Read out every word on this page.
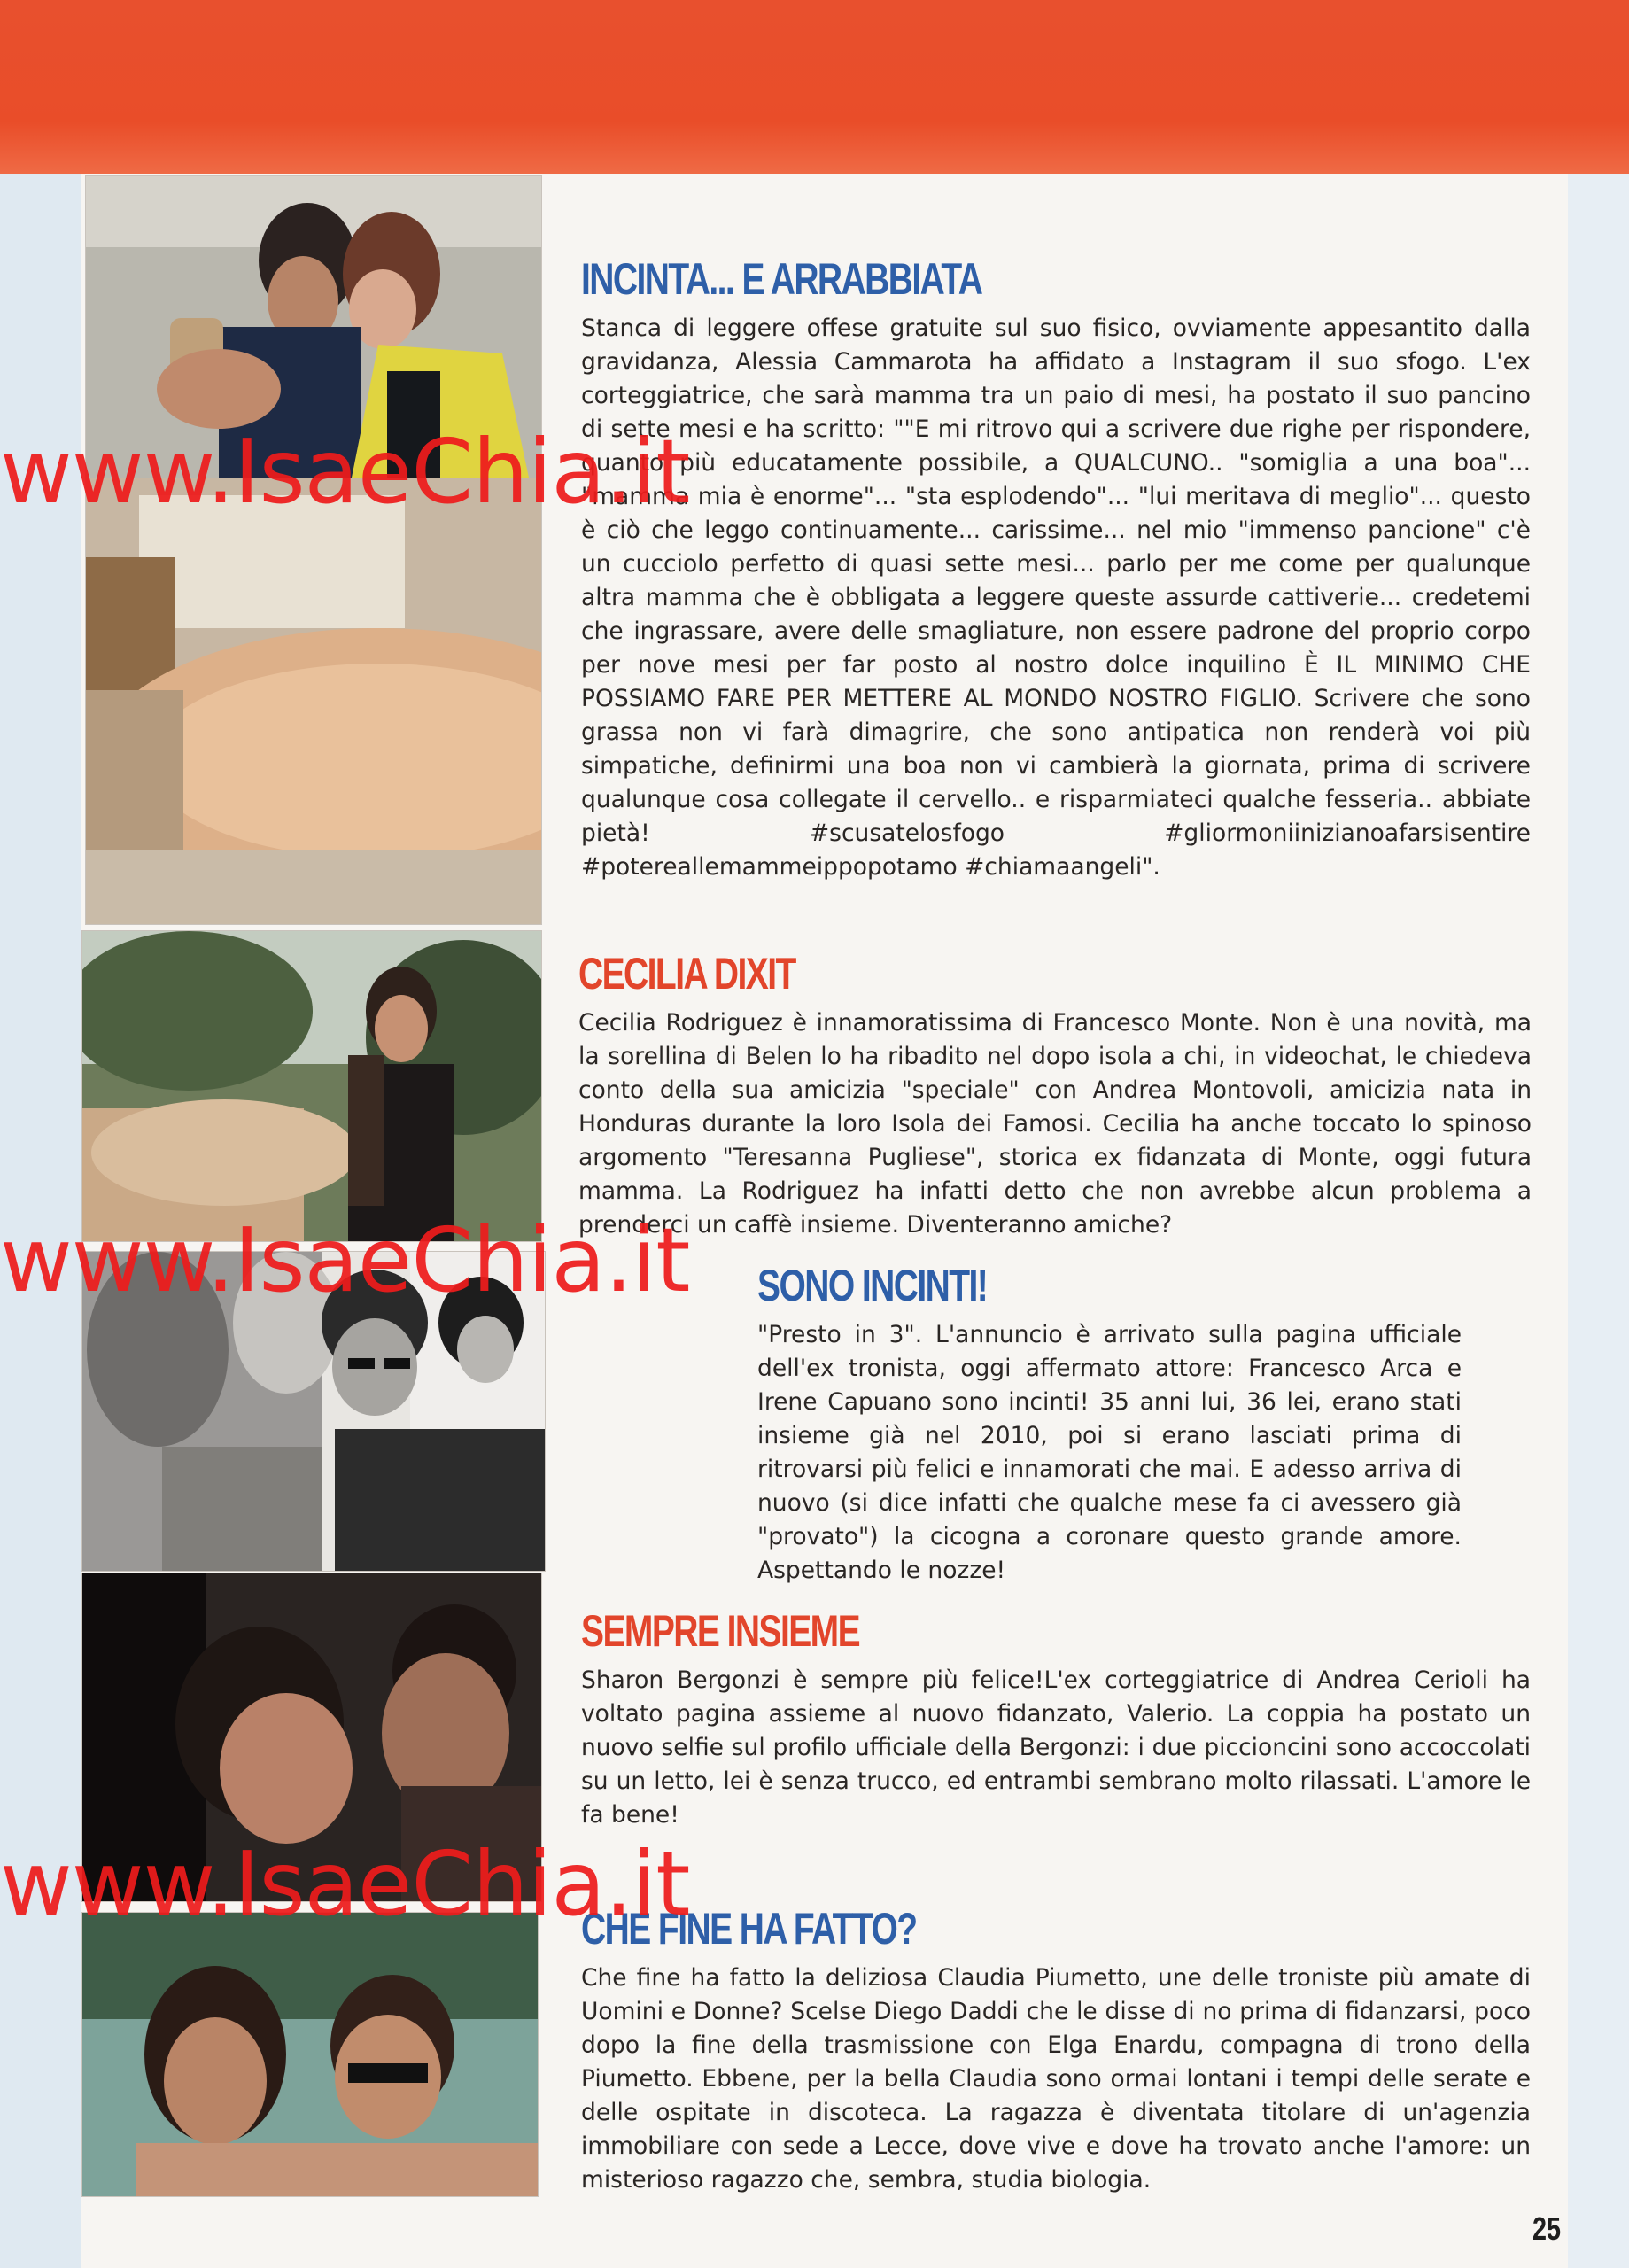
INCINTA... E ARRABBIATA

Stanca di leggere offese gratuite sul suo fisico, ovviamente appesantito dalla gravidanza, Alessia Cammarota ha affidato a Instagram il suo sfogo. L'ex corteggiatrice, che sarà mamma tra un paio di mesi, ha postato il suo pancino di sette mesi e ha scritto: ""E mi ritrovo qui a scrivere due righe per rispondere, quanto più educatamente possibile, a QUALCUNO.. "somiglia a una boa"... "mamma mia è enorme"... "sta esplodendo"... "lui meritava di meglio"... questo è ciò che leggo continuamente... carissime... nel mio "immenso pancione" c'è un cucciolo perfetto di quasi sette mesi... parlo per me come per qualunque altra mamma che è obbligata a leggere queste assurde cattiverie... credetemi che ingrassare, avere delle smagliature, non essere padrone del proprio corpo per nove mesi per far posto al nostro dolce inquilino È IL MINIMO CHE POSSIAMO FARE PER METTERE AL MONDO NOSTRO FIGLIO. Scrivere che sono grassa non vi farà dimagrire, che sono antipatica non renderà voi più simpatiche, definirmi una boa non vi cambierà la giornata, prima di scrivere qualunque cosa collegate il cervello.. e risparmiateci qualche fesseria.. abbiate pietà! #scusatelosfogo #gliormoniinizianoafarsisentire #potereallemammeippopotamo #chiamaangeli".

CECILIA DIXIT

Cecilia Rodriguez è innamoratissima di Francesco Monte. Non è una novità, ma la sorellina di Belen lo ha ribadito nel dopo isola a chi, in videochat, le chiedeva conto della sua amicizia "speciale" con Andrea Montovoli, amicizia nata in Honduras durante la loro Isola dei Famosi. Cecilia ha anche toccato lo spinoso argomento "Teresanna Pugliese", storica ex fidanzata di Monte, oggi futura mamma. La Rodriguez ha infatti detto che non avrebbe alcun problema a prenderci un caffè insieme. Diventeranno amiche?

SONO INCINTI!

"Presto in 3". L'annuncio è arrivato sulla pagina ufficiale dell'ex tronista, oggi affermato attore: Francesco Arca e Irene Capuano sono incinti! 35 anni lui, 36 lei, erano stati insieme già nel 2010, poi si erano lasciati prima di ritrovarsi più felici e innamorati che mai. E adesso arriva di nuovo (si dice infatti che qualche mese fa ci avessero già "provato") la cicogna a coronare questo grande amore. Aspettando le nozze!

SEMPRE INSIEME

Sharon Bergonzi è sempre più felice!L'ex corteggiatrice di Andrea Cerioli ha voltato pagina assieme al nuovo fidanzato, Valerio. La coppia ha postato un nuovo selfie sul profilo ufficiale della Bergonzi: i due piccioncini sono accoccolati su un letto, lei è senza trucco, ed entrambi sembrano molto rilassati. L'amore le fa bene!

CHE FINE HA FATTO?

Che fine ha fatto la deliziosa Claudia Piumetto, une delle troniste più amate di Uomini e Donne? Scelse Diego Daddi che le disse di no prima di fidanzarsi, poco dopo la fine della trasmissione con Elga Enardu, compagna di trono della Piumetto. Ebbene, per la bella Claudia sono ormai lontani i tempi delle serate e delle ospitate in discoteca. La ragazza è diventata titolare di un'agenzia immobiliare con sede a Lecce, dove vive e dove ha trovato anche l'amore: un misterioso ragazzo che, sembra, studia biologia.

www.IsaeChia.it
www.IsaeChia.it
www.IsaeChia.it
25
